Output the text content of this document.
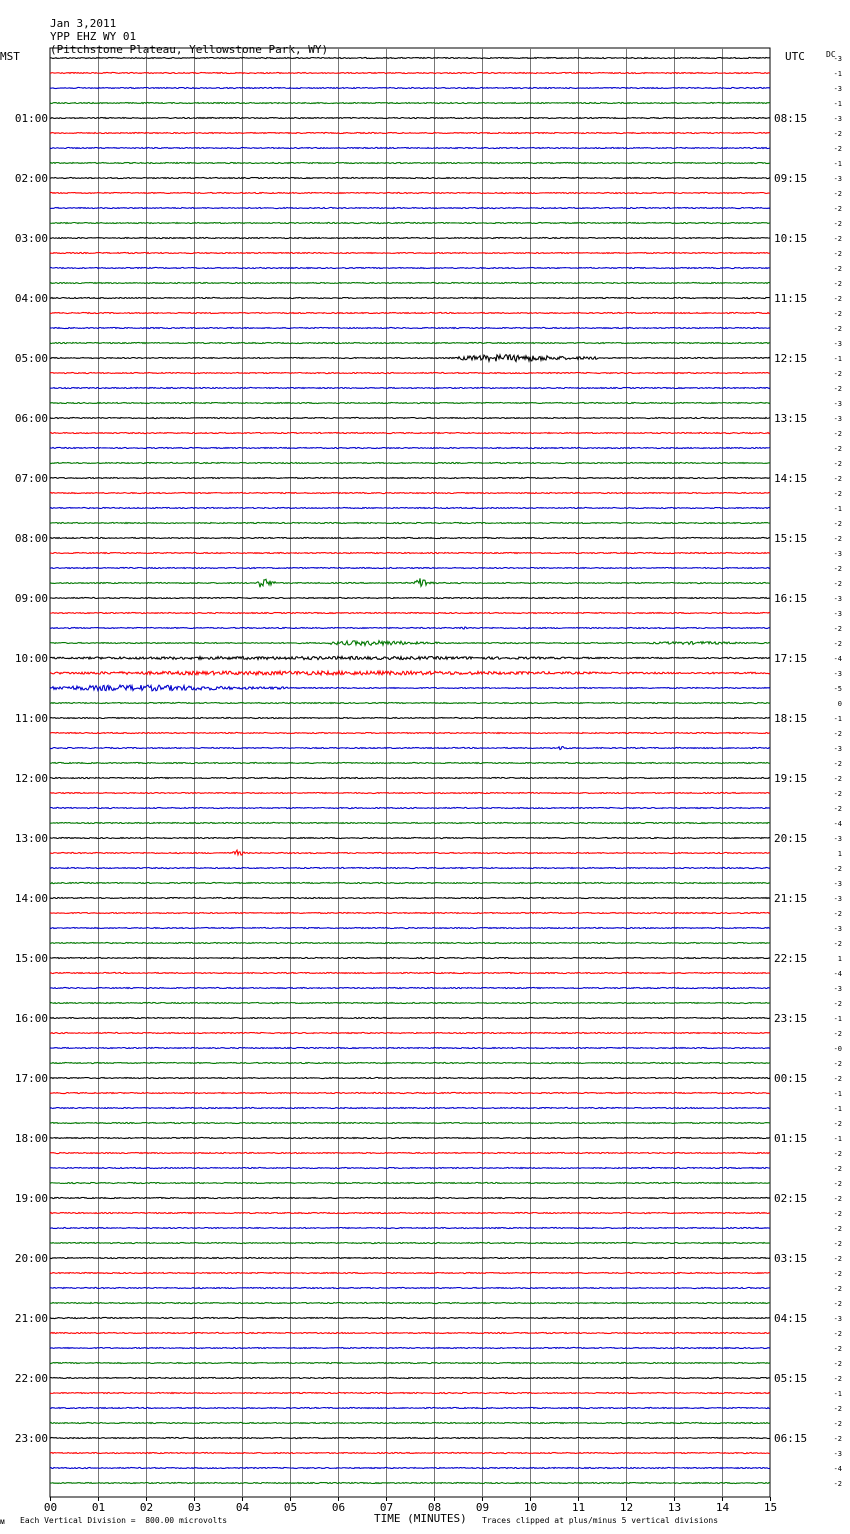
Jan 3,2011
YPP EHZ WY 01
(Pitchstone Plateau, Yellowstone Park, WY)

MST	UTC	DC
-3
-1
-3
-1
-3
-2
-2
-1
-3
-2
-2
-2
-2
-2
-2
-2
-2
-2
-2
-3
-1
-2
-2
-3
-3
-2
-2
-2
-2
-2
-1
-2
-2
-3
-2
-2
-3
-3
-2
-2
-4
-3
-5
0
-1
-2
-3
-2
-2
-2
-2
-4
-3
1
-2
-3
-3
-2
-3
-2
1
-4
-3
-2
-1
-2
-0
-2
-2
-1
-1
-2
-1
-2
-2
-2
-2
-2
-2
-2
-2
-2
-2
-2
-3
-2
-2
-2
-2
-1
-2
-2
-2
-3
-4
-2
01:00	08:15
02:00	09:15
03:00	10:15
04:00	11:15
05:00	12:15
06:00	13:15
07:00	14:15
08:00	15:15
09:00	16:15
10:00	17:15
11:00	18:15
12:00	19:15
13:00	20:15
14:00	21:15
15:00	22:15
16:00	23:15
17:00	00:15
18:00	01:15
19:00	02:15
20:00	03:15
21:00	04:15
22:00	05:15
23:00	06:15
00	01	02	03	04	05	06	07	08	09	10	11	12	13	14	15
ᴍ Each Vertical Division =  800.00 microvolts	TIME (MINUTES) Traces clipped at plus/minus 5 vertical divisions
